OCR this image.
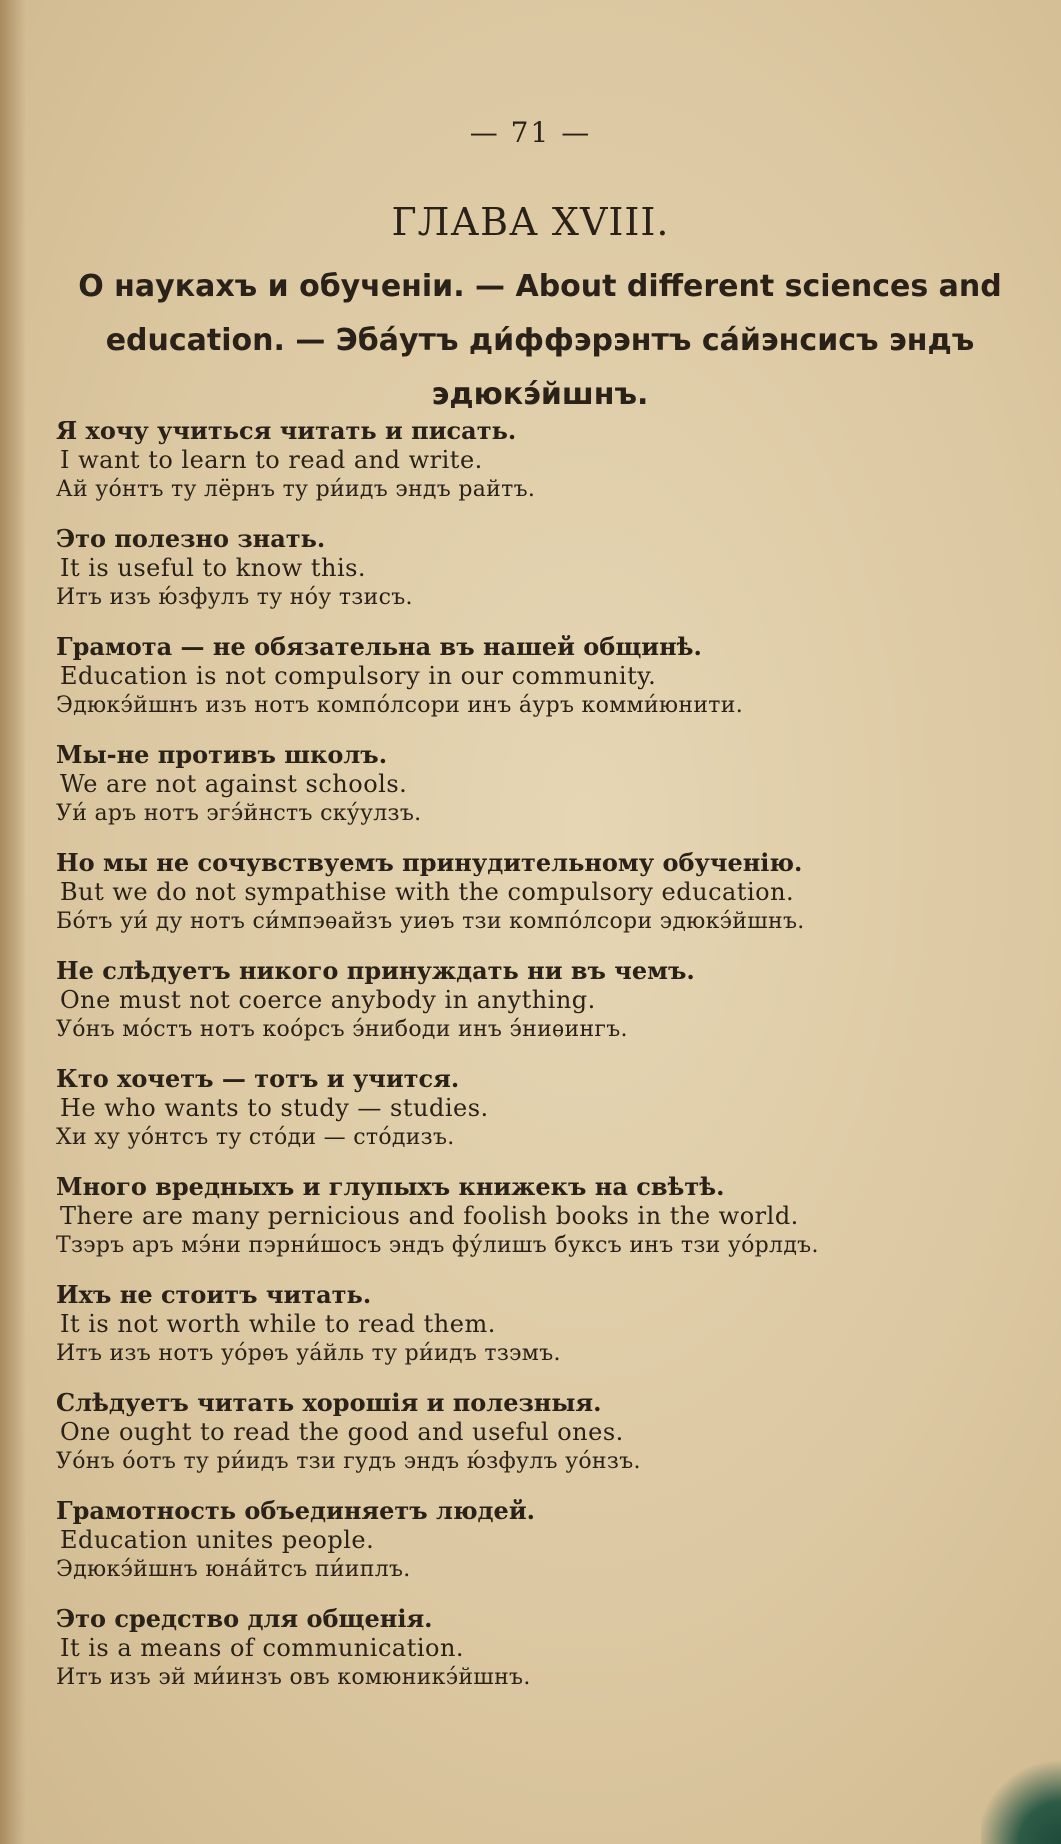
— 71 —
ГЛАВА XVIII.
О наукахъ и обученіи. — About different sciences and education. — Эбáутъ ди́ффэрэнтъ сáйэнсисъ эндъ эдюкэ́йшнъ.
Я хочу учиться читать и писать.
I want to learn to read and write.
Ай уо́нтъ ту лёрнъ ту ри́идъ эндъ райтъ.
Это полезно знать.
It is useful to know this.
Итъ изъ ю́зфулъ ту но́у тзисъ.
Грамота — не обязательна въ нашей общинѣ.
Education is not compulsory in our community.
Эдюкэ́йшнъ изъ нотъ компо́лсори инъ а́уръ комми́юнити.
Мы-не противъ школъ.
We are not against schools.
Уи́ аръ нотъ эгэ́йнстъ ску́улзъ.
Но мы не сочувствуемъ принудительному обученію.
But we do not sympathise with the compulsory education.
Бо́тъ уи́ ду нотъ си́мпэѳайзъ уиѳъ тзи компо́лсори эдюкэ́йшнъ.
Не слѣдуетъ никого принуждать ни въ чемъ.
One must not coerce anybody in anything.
Уо́нъ мо́стъ нотъ коо́рсъ э́нибоди инъ э́ниѳингъ.
Кто хочетъ — тотъ и учится.
He who wants to study — studies.
Хи ху уо́нтсъ ту сто́ди — сто́дизъ.
Много вредныхъ и глупыхъ книжекъ на свѣтѣ.
There are many pernicious and foolish books in the world.
Тзэръ аръ мэ́ни пэрни́шосъ эндъ фу́лишъ буксъ инъ тзи уо́рлдъ.
Ихъ не стоитъ читать.
It is not worth while to read them.
Итъ изъ нотъ уо́рѳъ уа́йль ту ри́идъ тзэмъ.
Слѣдуетъ читать хорошія и полезныя.
One ought to read the good and useful ones.
Уо́нъ о́отъ ту ри́идъ тзи гудъ эндъ ю́зфулъ уо́нзъ.
Грамотность объединяетъ людей.
Education unites people.
Эдюкэ́йшнъ юна́йтсъ пи́иплъ.
Это средство для общенія.
It is a means of communication.
Итъ изъ эй ми́инзъ овъ комюникэ́йшнъ.
